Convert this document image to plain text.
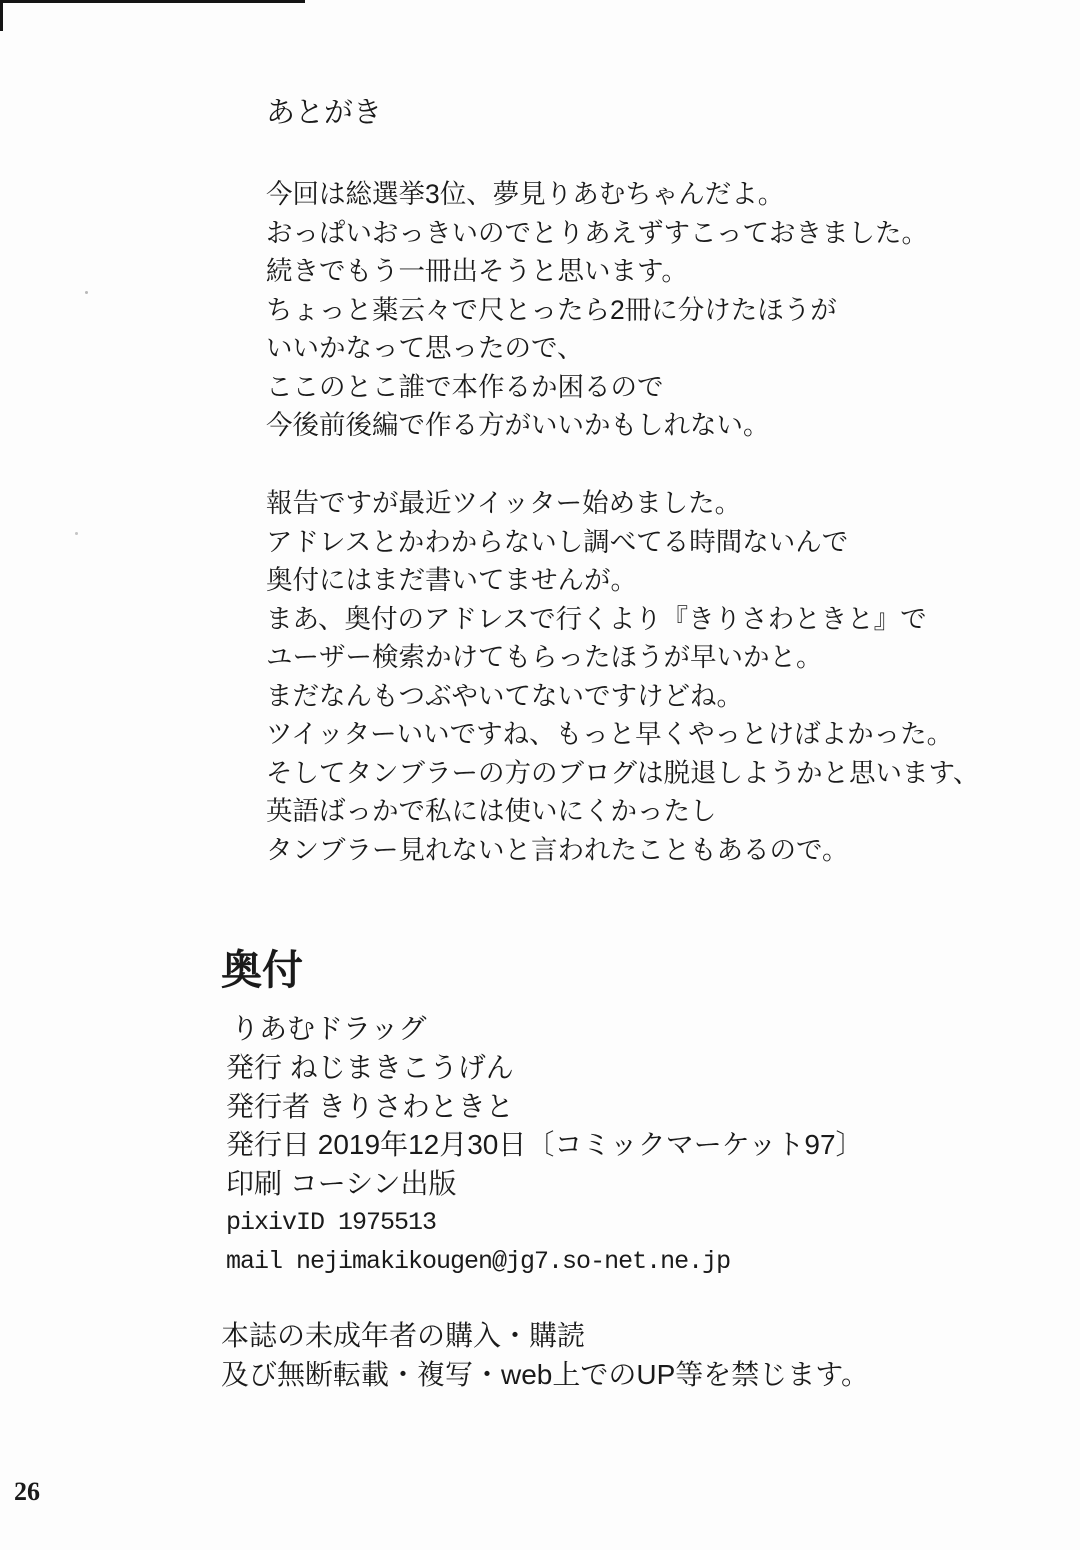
あとがき
今回は総選挙3位、夢見りあむちゃんだよ。
おっぱいおっきいのでとりあえずすこっておきました。
続きでもう一冊出そうと思います。
ちょっと薬云々で尺とったら2冊に分けたほうが
いいかなって思ったので、
ここのとこ誰で本作るか困るので
今後前後編で作る方がいいかもしれない。
報告ですが最近ツイッター始めました。
アドレスとかわからないし調べてる時間ないんで
奥付にはまだ書いてませんが。
まあ、奥付のアドレスで行くより『きりさわときと』で
ユーザー検索かけてもらったほうが早いかと。
まだなんもつぶやいてないですけどね。
ツイッターいいですね、もっと早くやっとけばよかった。
そしてタンブラーの方のブログは脱退しようかと思います、
英語ばっかで私には使いにくかったし
タンブラー見れないと言われたこともあるので。
奥付
りあむドラッグ
発行 ねじまきこうげん
発行者 きりさわときと
発行日 2019年12月30日〔コミックマーケット97〕
印刷 コーシン出版
pixivID 1975513
mail nejimakikougen@jg7.so-net.ne.jp
本誌の未成年者の購入・購読
及び無断転載・複写・web上でのUP等を禁じます。
26
